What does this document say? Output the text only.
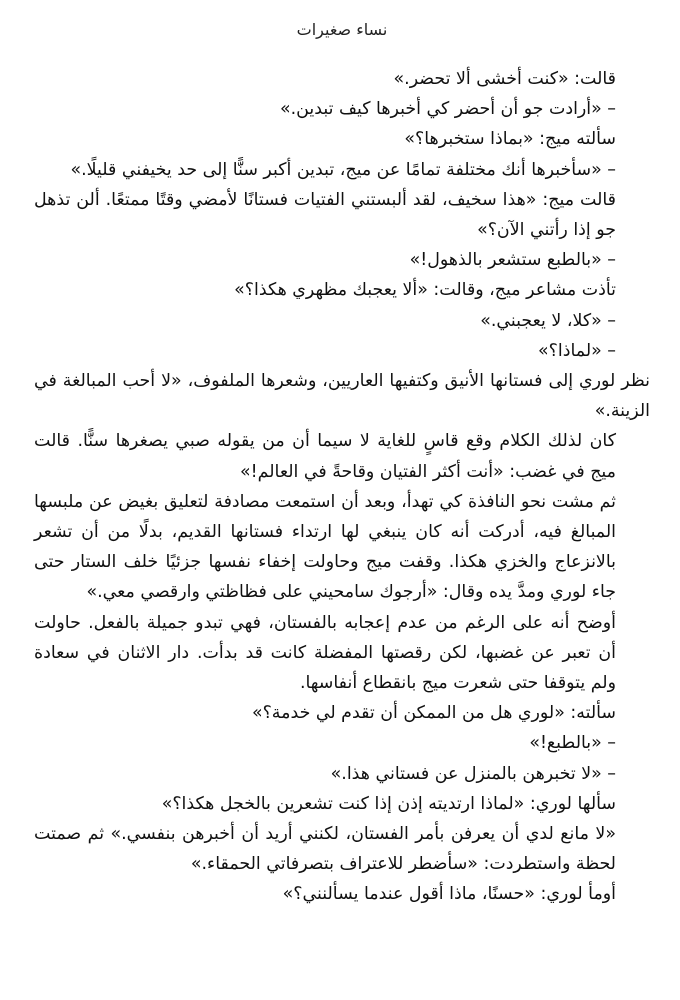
نساء صغيرات

قالت: «كنت أخشى ألا تحضر.»

– «أرادت جو أن أحضر كي أخبرها كيف تبدين.»

سألته ميج: «بماذا ستخبرها؟»

– «سأخبرها أنك مختلفة تمامًا عن ميج، تبدين أكبر سنًّا إلى حد يخيفني قليلًا.»

قالت ميج: «هذا سخيف، لقد ألبستني الفتيات فستانًا لأمضي وقتًا ممتعًا. ألن تذهل جو إذا رأتني الآن؟»

– «بالطبع ستشعر بالذهول!»

تأذت مشاعر ميج، وقالت: «ألا يعجبك مظهري هكذا؟»

– «كلا، لا يعجبني.»

– «لماذا؟»

نظر لوري إلى فستانها الأنيق وكتفيها العاريين، وشعرها الملفوف، «لا أحب المبالغة في الزينة.»

كان لذلك الكلام وقع قاسٍ للغاية لا سيما أن من يقوله صبي يصغرها سنًّا. قالت ميج في غضب: «أنت أكثر الفتيان وقاحةً في العالم!»

ثم مشت نحو النافذة كي تهدأ، وبعد أن استمعت مصادفة لتعليق بغيض عن ملبسها المبالغ فيه، أدركت أنه كان ينبغي لها ارتداء فستانها القديم، بدلًا من أن تشعر بالانزعاج والخزي هكذا. وقفت ميج وحاولت إخفاء نفسها جزئيًا خلف الستار حتى جاء لوري ومدَّ يده وقال: «أرجوك سامحيني على فظاظتي وارقصي معي.»

أوضح أنه على الرغم من عدم إعجابه بالفستان، فهي تبدو جميلة بالفعل. حاولت أن تعبر عن غضبها، لكن رقصتها المفضلة كانت قد بدأت. دار الاثنان في سعادة ولم يتوقفا حتى شعرت ميج بانقطاع أنفاسها.

سألته: «لوري هل من الممكن أن تقدم لي خدمة؟»

– «بالطبع!»

– «لا تخبرهن بالمنزل عن فستاني هذا.»

سألها لوري: «لماذا ارتديته إذن إذا كنت تشعرين بالخجل هكذا؟»

«لا مانع لدي أن يعرفن بأمر الفستان، لكنني أريد أن أخبرهن بنفسي.» ثم صمتت لحظة واستطردت: «سأضطر للاعتراف بتصرفاتي الحمقاء.»

أومأ لوري: «حسنًا، ماذا أقول عندما يسألنني؟»
